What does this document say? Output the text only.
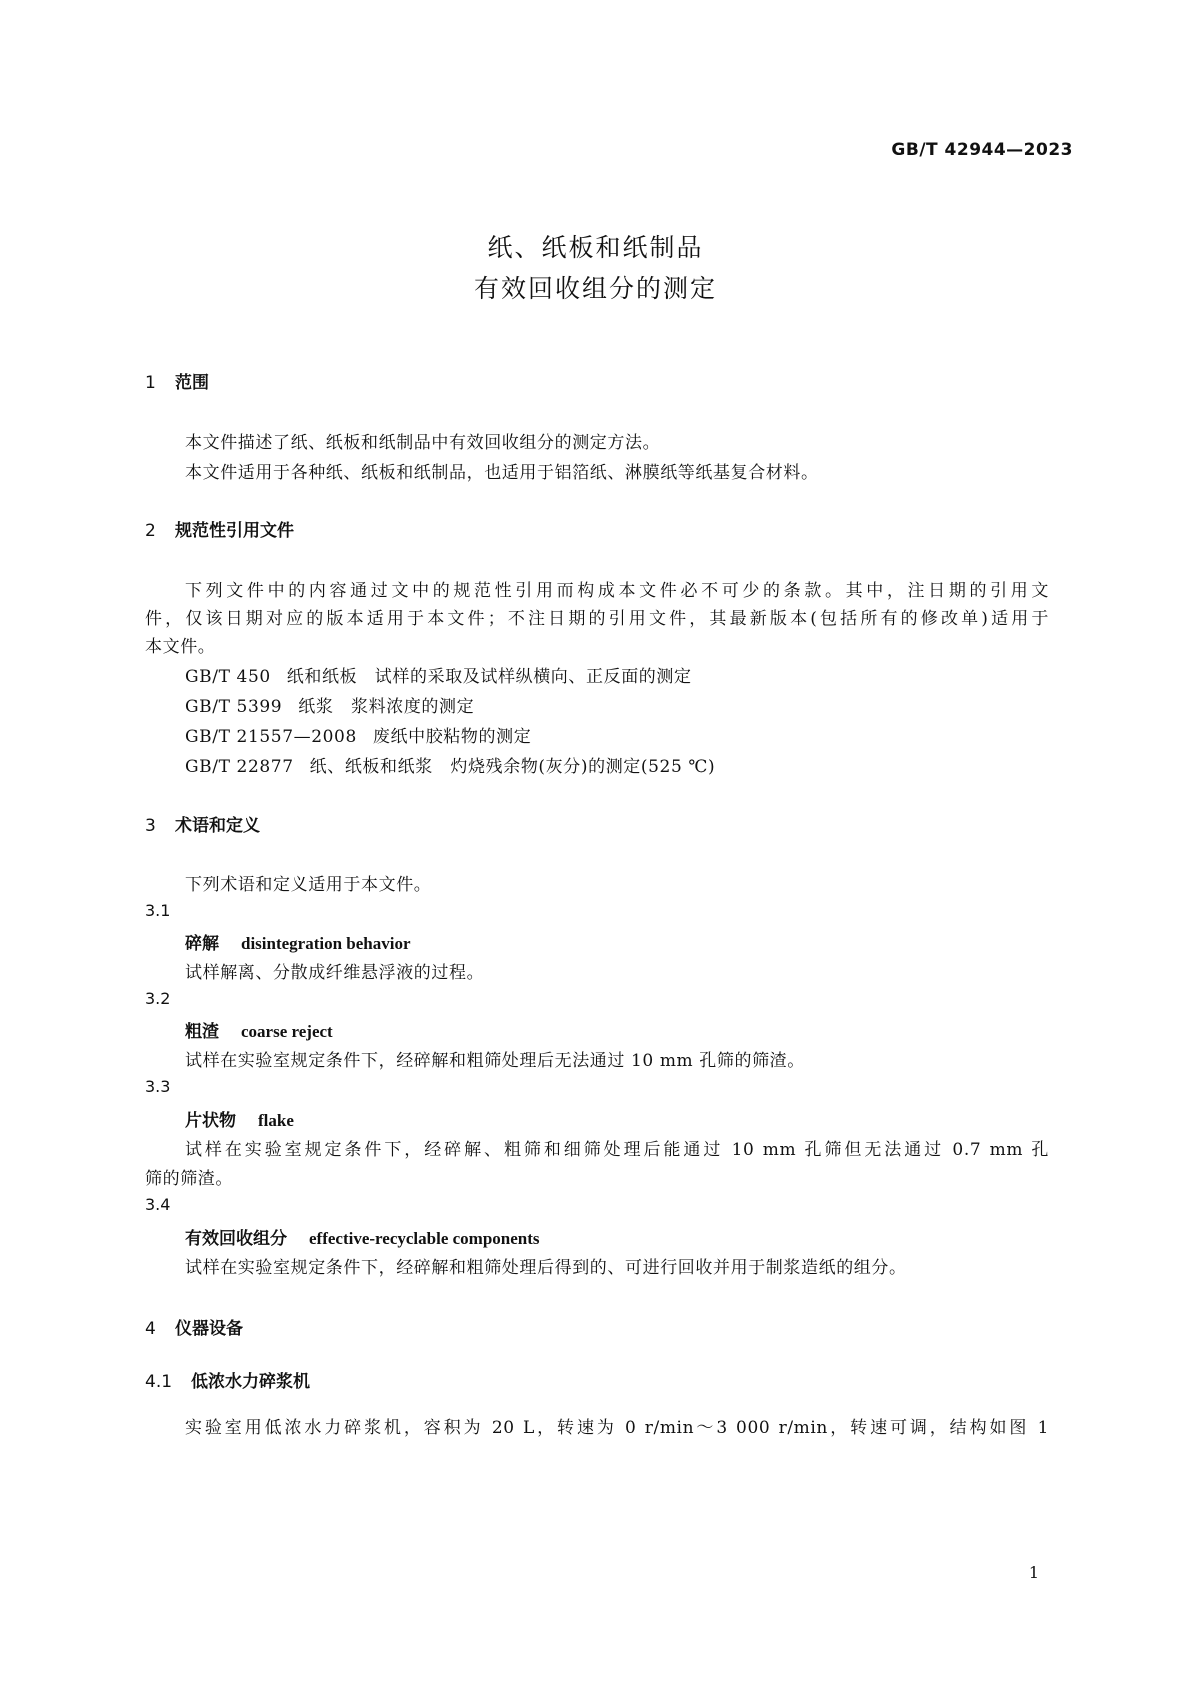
GB/T 42944—2023
纸、纸板和纸制品
有效回收组分的测定
1 范围
本文件描述了纸、纸板和纸制品中有效回收组分的测定方法。
本文件适用于各种纸、纸板和纸制品，也适用于铝箔纸、淋膜纸等纸基复合材料。
2 规范性引用文件
下列文件中的内容通过文中的规范性引用而构成本文件必不可少的条款。其中，注日期的引用文
件，仅该日期对应的版本适用于本文件；不注日期的引用文件，其最新版本(包括所有的修改单)适用于
本文件。
GB/T 450 纸和纸板　试样的采取及试样纵横向、正反面的测定
GB/T 5399 纸浆　浆料浓度的测定
GB/T 21557—2008 废纸中胶粘物的测定
GB/T 22877 纸、纸板和纸浆　灼烧残余物(灰分)的测定(525 ℃)
3 术语和定义
下列术语和定义适用于本文件。
3.1
碎解 disintegration behavior
试样解离、分散成纤维悬浮液的过程。
3.2
粗渣 coarse reject
试样在实验室规定条件下，经碎解和粗筛处理后无法通过 10 mm 孔筛的筛渣。
3.3
片状物 flake
试样在实验室规定条件下，经碎解、粗筛和细筛处理后能通过 10 mm 孔筛但无法通过 0.7 mm 孔
筛的筛渣。
3.4
有效回收组分 effective-recyclable components
试样在实验室规定条件下，经碎解和粗筛处理后得到的、可进行回收并用于制浆造纸的组分。
4 仪器设备
4.1 低浓水力碎浆机
实验室用低浓水力碎浆机，容积为 20 L，转速为 0 r/min～3 000 r/min，转速可调，结构如图 1
1
